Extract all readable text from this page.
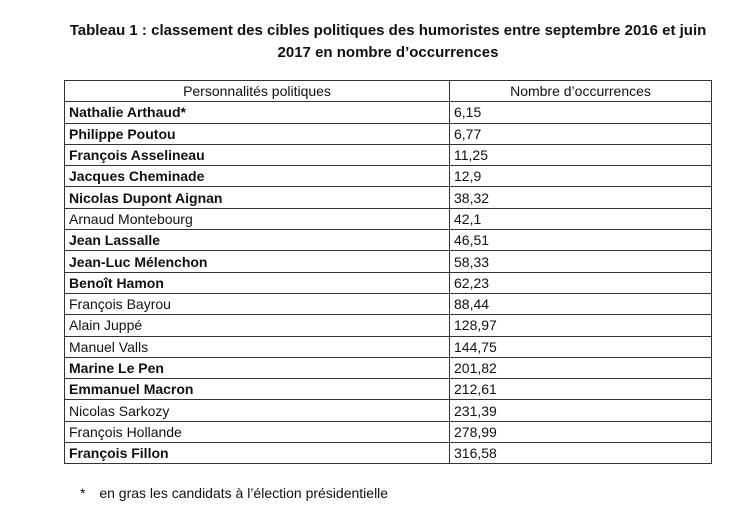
Tableau 1 : classement des cibles politiques des humoristes entre septembre 2016 et juin 2017 en nombre d’occurrences
Personnalités politiques	Nombre d’occurrences
Nathalie Arthaud*	6,15
Philippe Poutou	6,77
François Asselineau	11,25
Jacques Cheminade	12,9
Nicolas Dupont Aignan	38,32
Arnaud Montebourg	42,1
Jean Lassalle	46,51
Jean-Luc Mélenchon	58,33
Benoît Hamon	62,23
François Bayrou	88,44
Alain Juppé	128,97
Manuel Valls	144,75
Marine Le Pen	201,82
Emmanuel Macron	212,61
Nicolas Sarkozy	231,39
François Hollande	278,99
François Fillon	316,58
* en gras les candidats à l’élection présidentielle
